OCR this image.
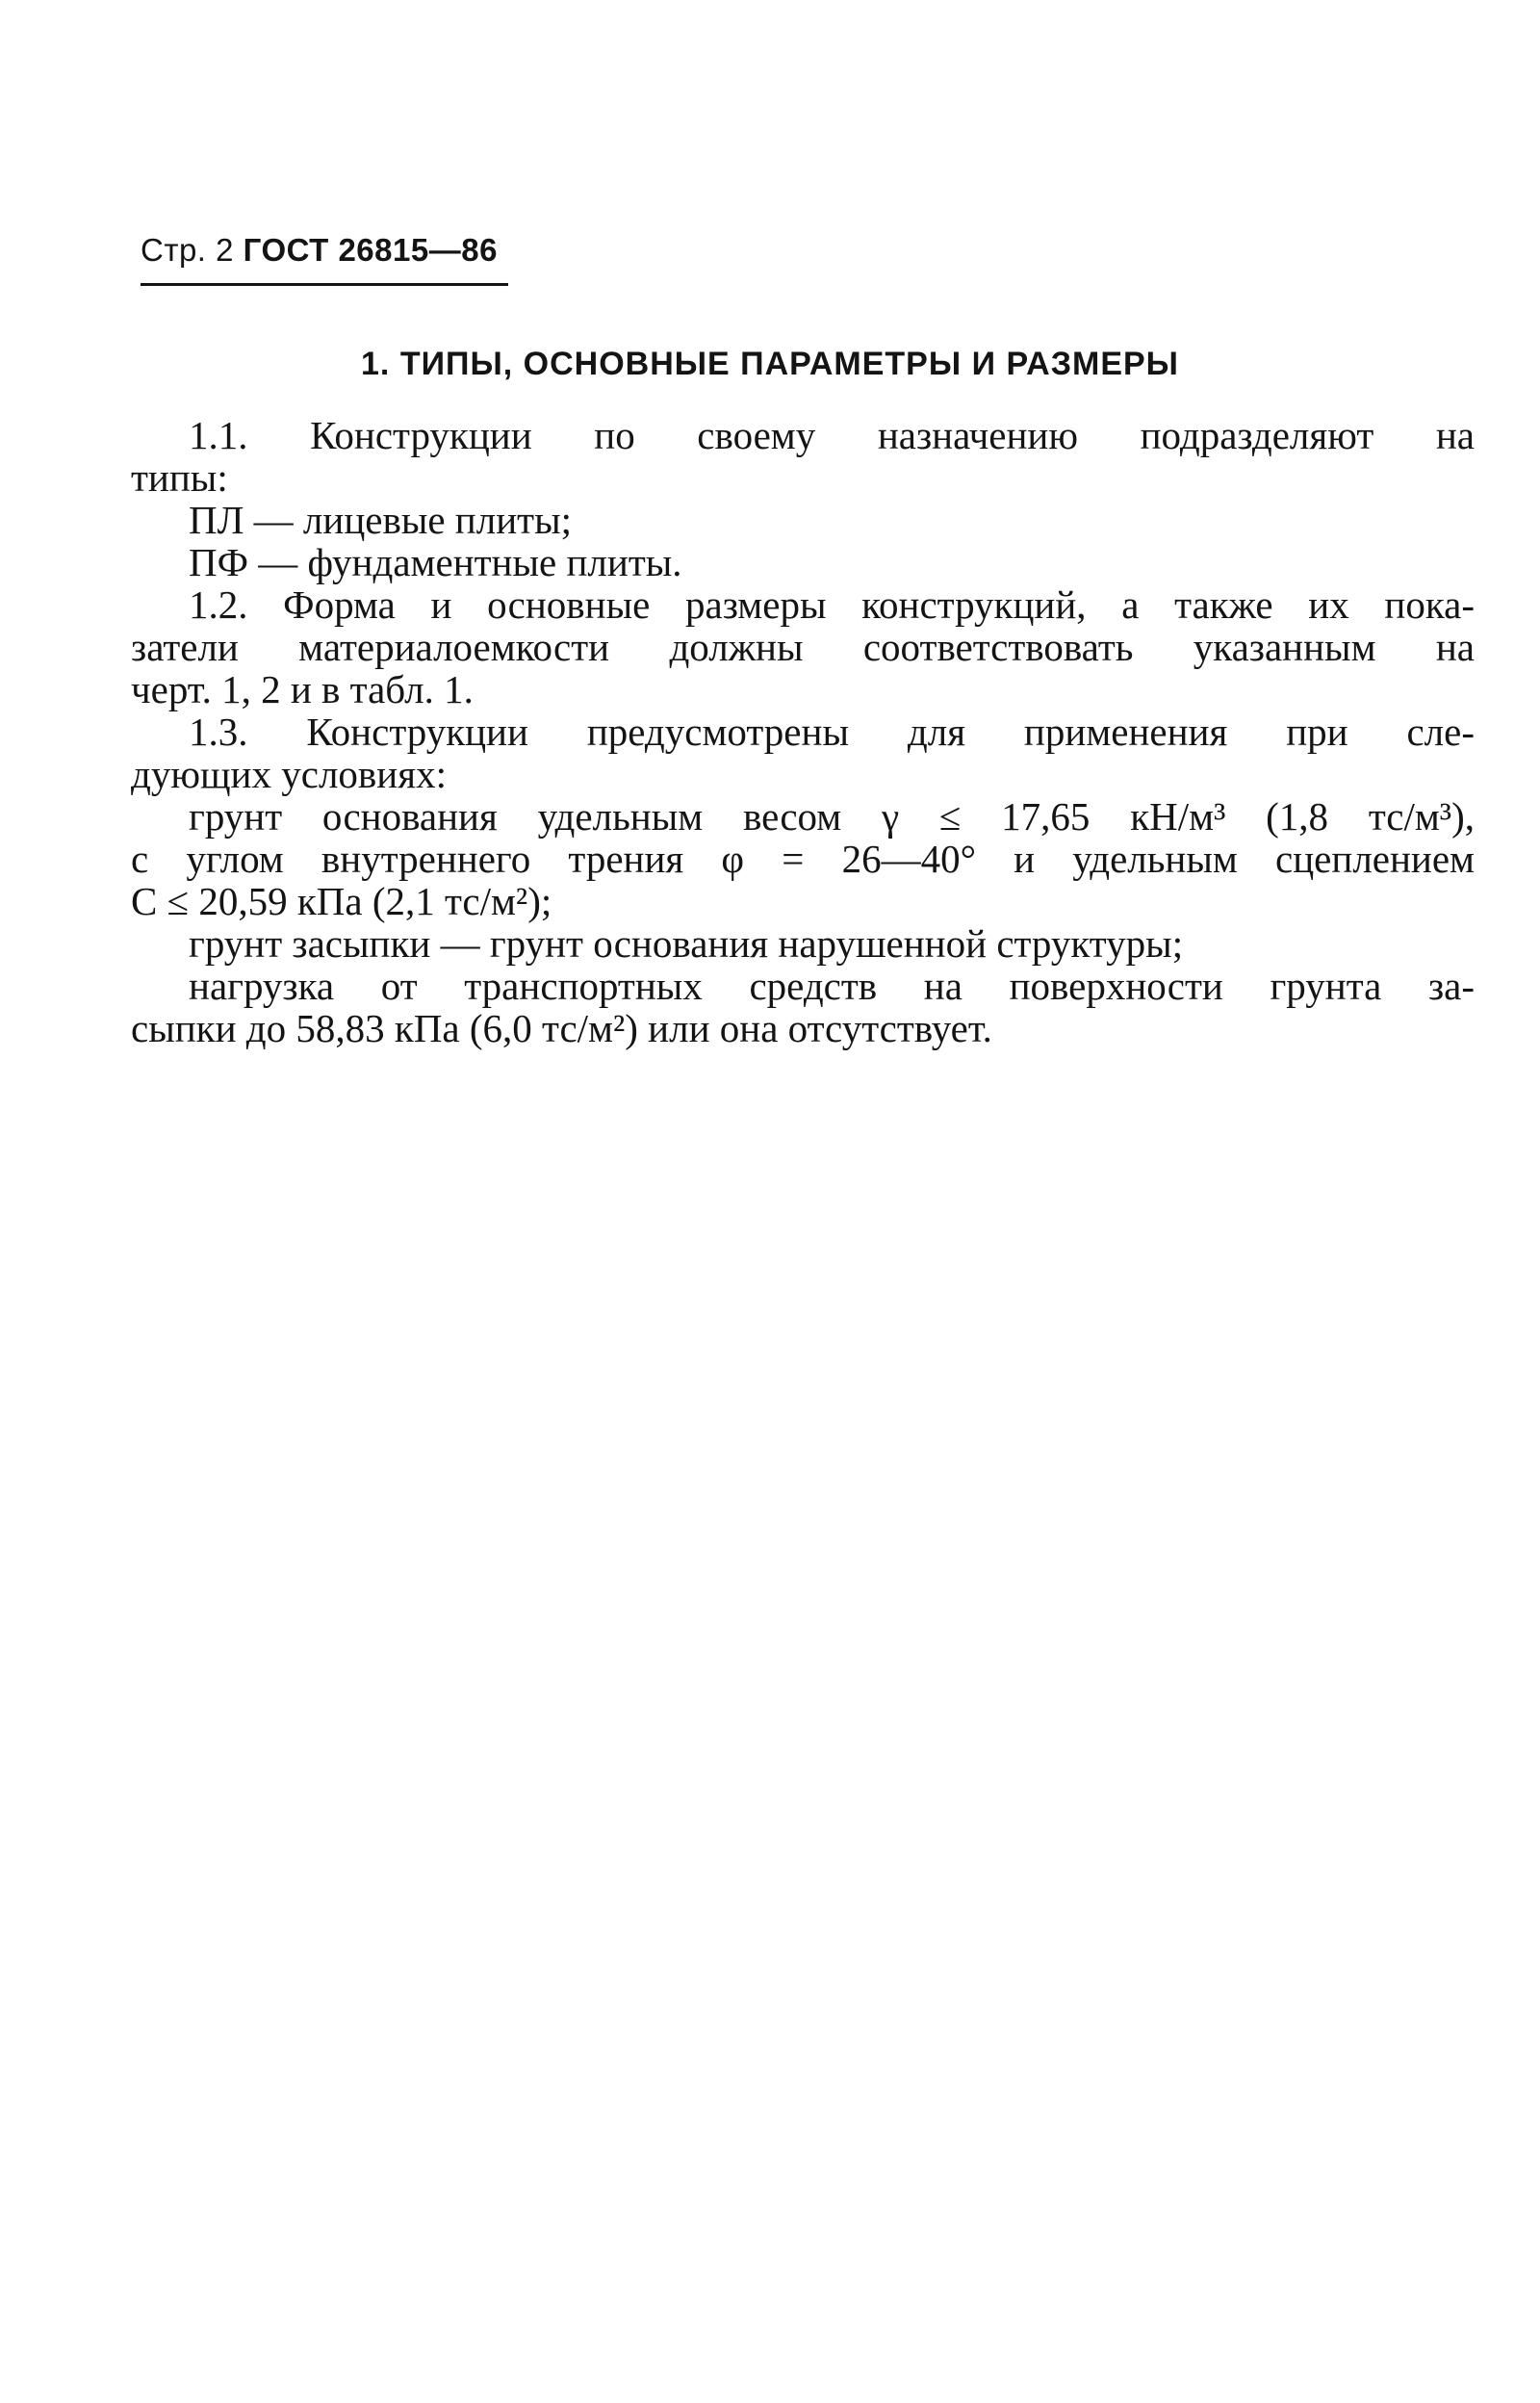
Стр. 2 ГОСТ 26815—86
1. ТИПЫ, ОСНОВНЫЕ ПАРАМЕТРЫ И РАЗМЕРЫ
1.1. Конструкции по своему назначению подразделяют на
типы:
ПЛ — лицевые плиты;
ПФ — фундаментные плиты.
1.2. Форма и основные размеры конструкций, а также их пока-
затели материалоемкости должны соответствовать указанным на
черт. 1, 2 и в табл. 1.
1.3. Конструкции предусмотрены для применения при сле-
дующих условиях:
грунт основания удельным весом γ ≤ 17,65 кН/м³ (1,8 тс/м³),
с углом внутреннего трения φ = 26—40° и удельным сцеплением
C ≤ 20,59 кПа (2,1 тс/м²);
грунт засыпки — грунт основания нарушенной структуры;
нагрузка от транспортных средств на поверхности грунта за-
сыпки до 58,83 кПа (6,0 тс/м²) или она отсутствует.
